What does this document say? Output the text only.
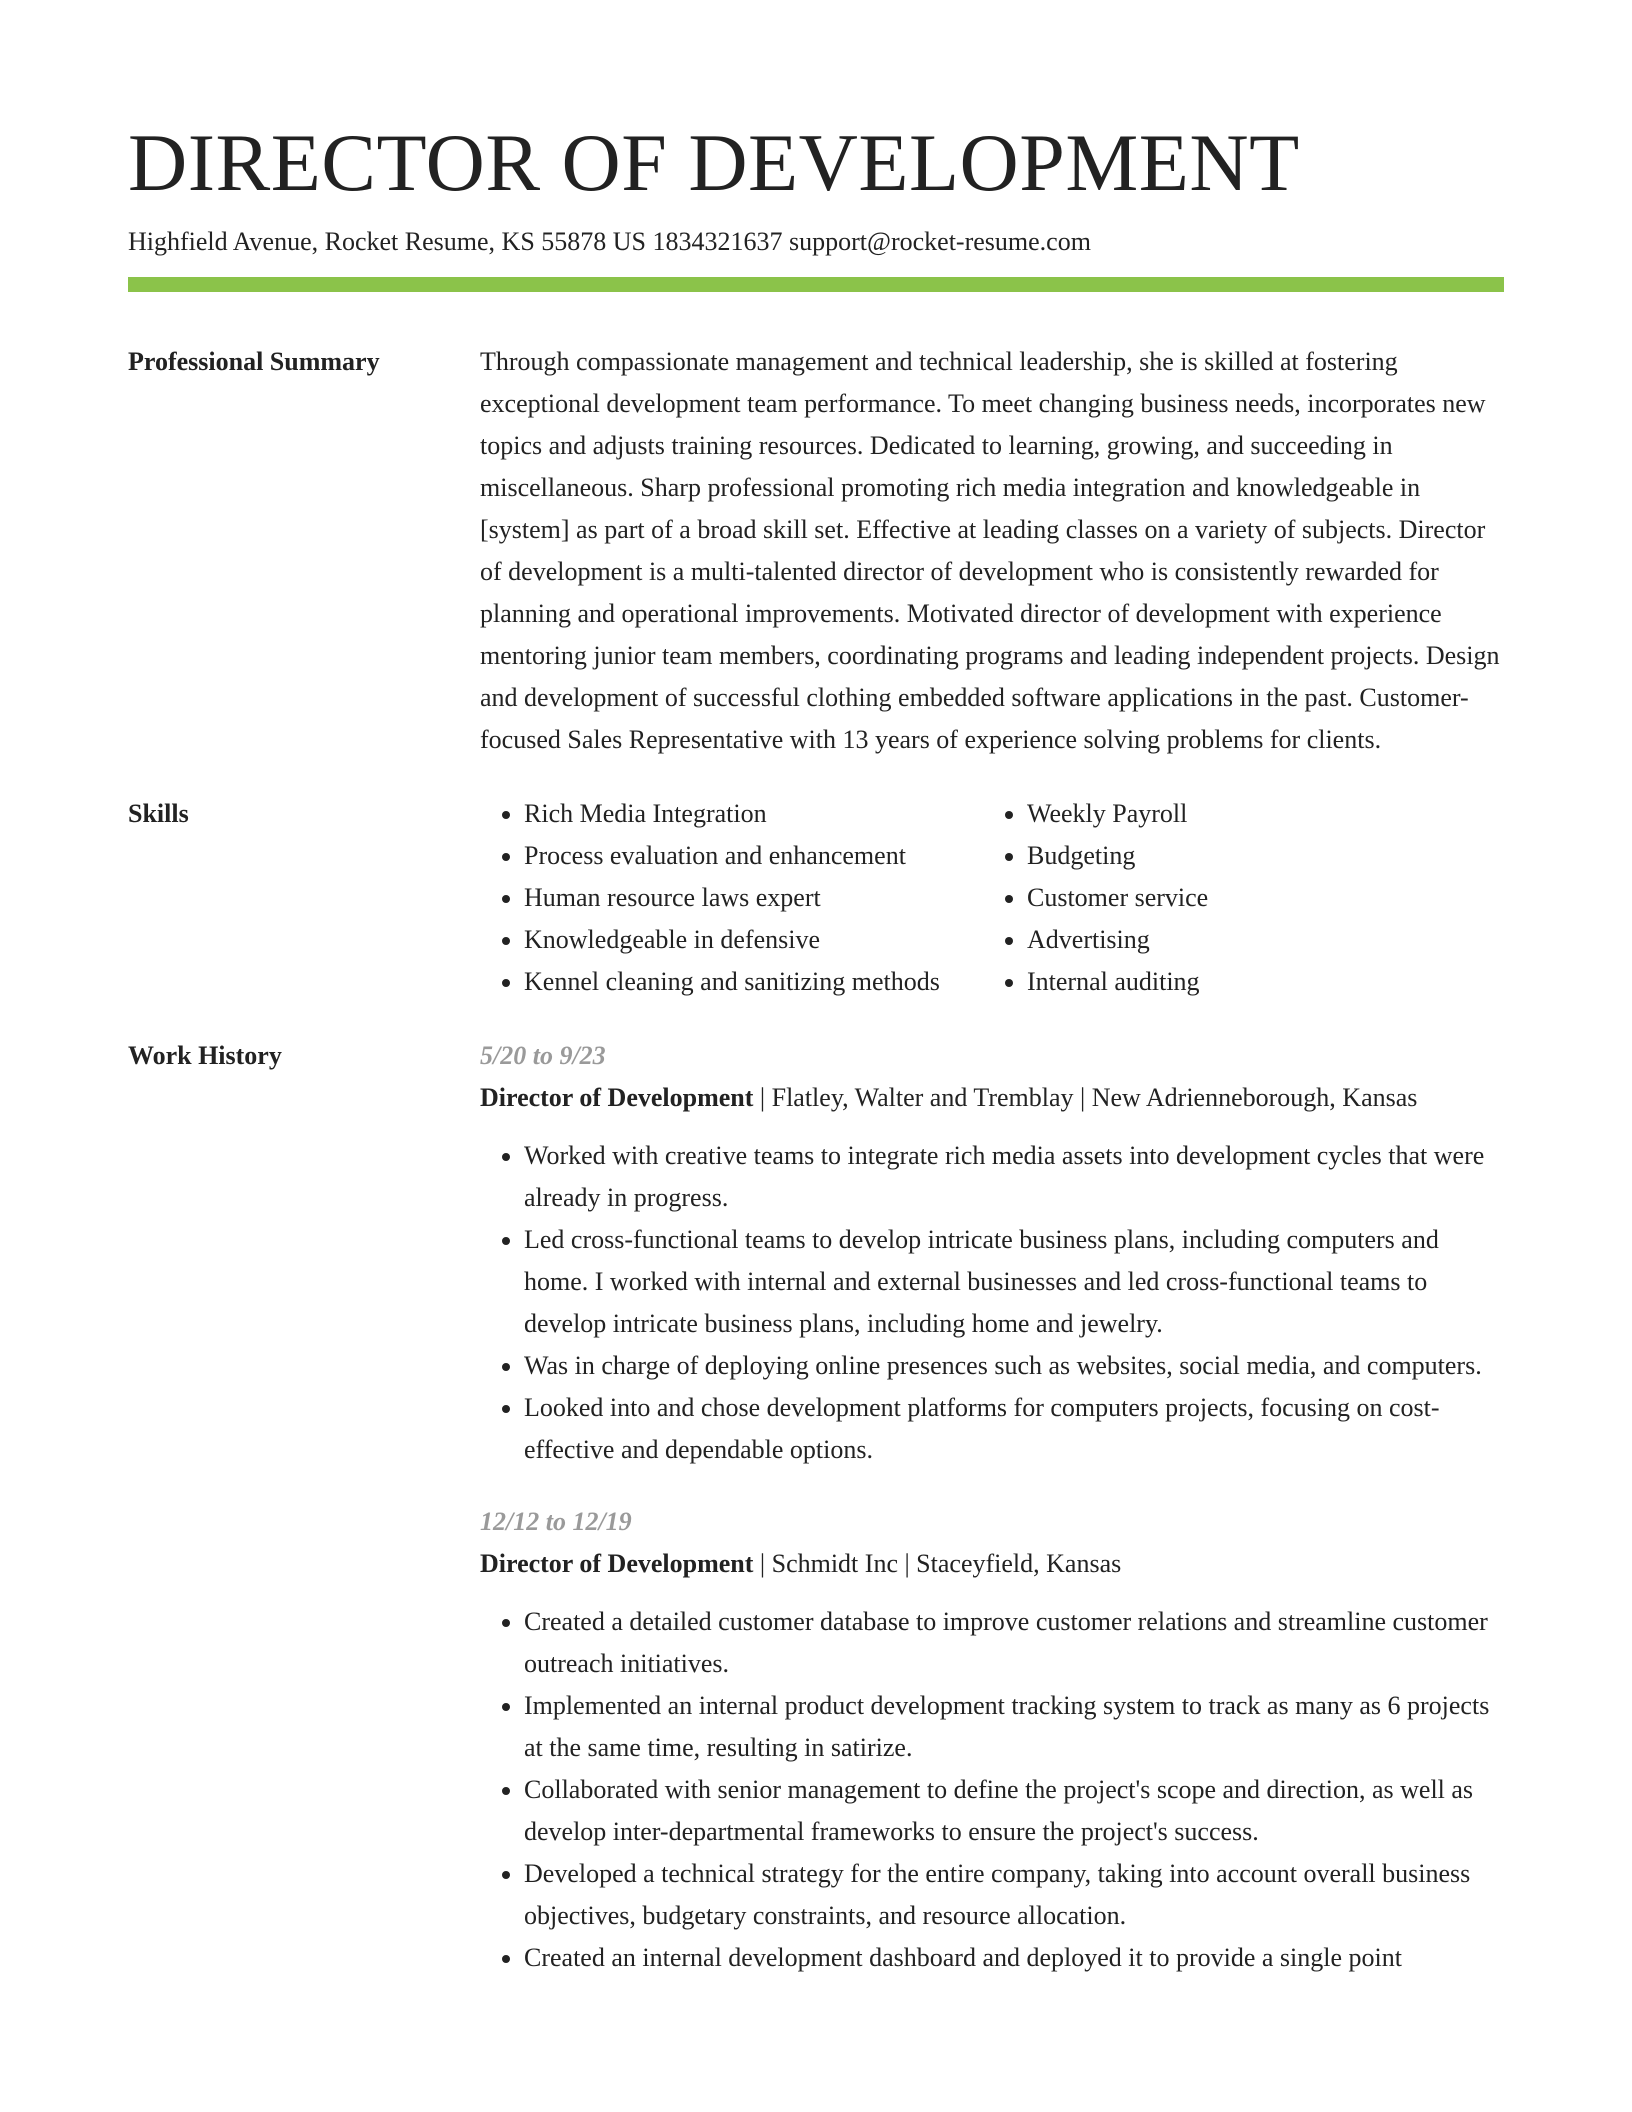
DIRECTOR OF DEVELOPMENT
Highfield Avenue, Rocket Resume, KS 55878 US 1834321637 support@rocket-resume.com
Professional Summary	Through compassionate management and technical leadership, she is skilled at fostering exceptional development team performance. To meet changing business needs, incorporates new topics and adjusts training resources. Dedicated to learning, growing, and succeeding in miscellaneous. Sharp professional promoting rich media integration and knowledgeable in [system] as part of a broad skill set. Effective at leading classes on a variety of subjects. Director of development is a multi-talented director of development who is consistently rewarded for planning and operational improvements. Motivated director of development with experience mentoring junior team members, coordinating programs and leading independent projects. Design and development of successful clothing embedded software applications in the past. Customer-focused Sales Representative with 13 years of experience solving problems for clients.

Skills
•	Rich Media Integration
• Process evaluation and enhancement
• Human resource laws expert
• Knowledgeable in defensive
• Kennel cleaning and sanitizing methods
• Weekly Payroll
• Budgeting
• Customer service
• Advertising
• Internal auditing
Work History	5/20 to 9/23
Director of Development | Flatley, Walter and Tremblay | New Adrienneborough, Kansas
• Worked with creative teams to integrate rich media assets into development cycles that were already in progress.
• Led cross-functional teams to develop intricate business plans, including computers and home. I worked with internal and external businesses and led cross-functional teams to develop intricate business plans, including home and jewelry.
• Was in charge of deploying online presences such as websites, social media, and computers.
• Looked into and chose development platforms for computers projects, focusing on cost-effective and dependable options.
12/12 to 12/19
Director of Development | Schmidt Inc | Staceyfield, Kansas
• Created a detailed customer database to improve customer relations and streamline customer outreach initiatives.
• Implemented an internal product development tracking system to track as many as 6 projects at the same time, resulting in satirize.
• Collaborated with senior management to define the project's scope and direction, as well as develop inter-departmental frameworks to ensure the project's success.
• Developed a technical strategy for the entire company, taking into account overall business objectives, budgetary constraints, and resource allocation.
• Created an internal development dashboard and deployed it to provide a single point
